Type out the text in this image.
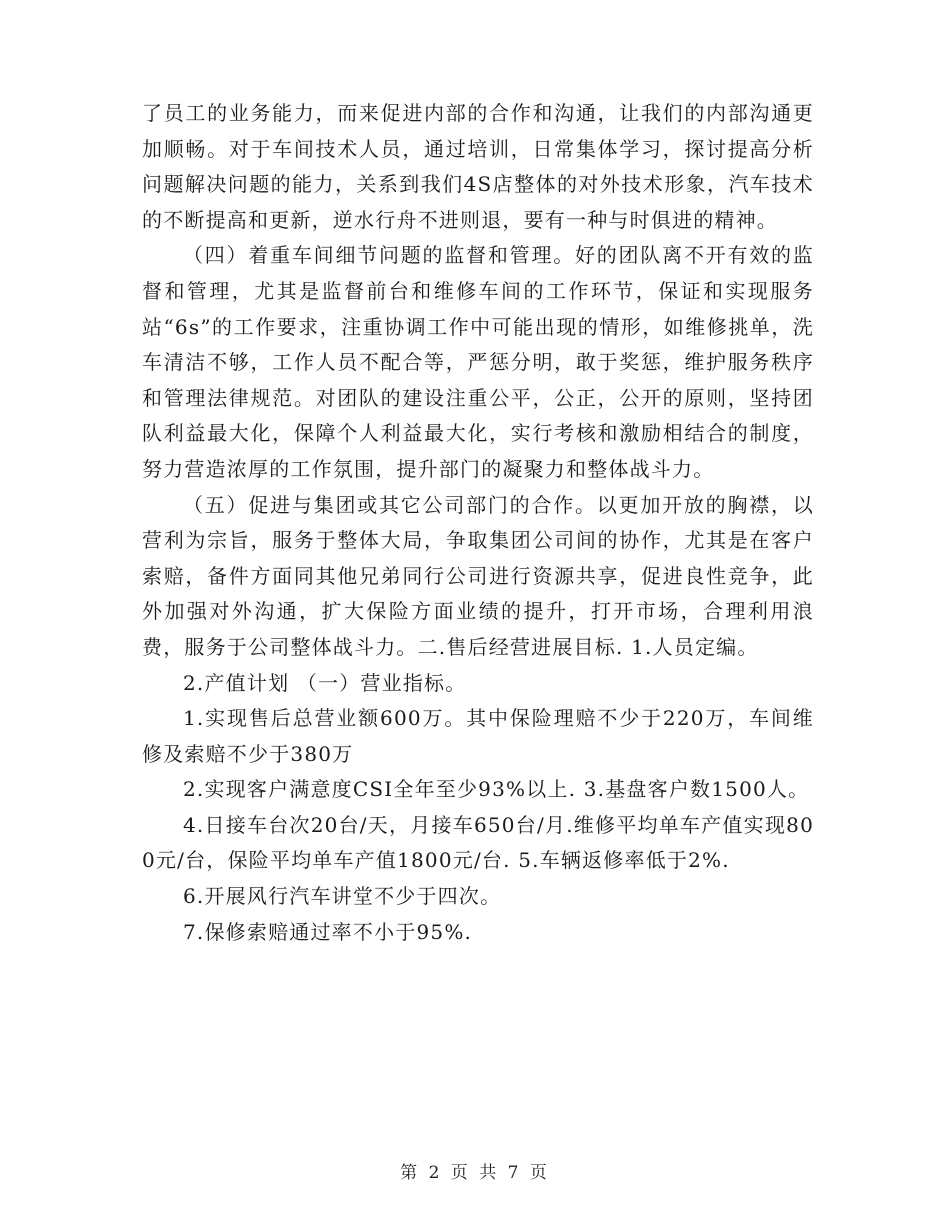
了员工的业务能力，而来促进内部的合作和沟通，让我们的内部沟通更加顺畅。对于车间技术人员，通过培训，日常集体学习，探讨提高分析问题解决问题的能力，关系到我们4S店整体的对外技术形象，汽车技术的不断提高和更新，逆水行舟不进则退，要有一种与时俱进的精神。

（四）着重车间细节问题的监督和管理。好的团队离不开有效的监督和管理，尤其是监督前台和维修车间的工作环节，保证和实现服务站“6s”的工作要求，注重协调工作中可能出现的情形，如维修挑单，洗车清洁不够，工作人员不配合等，严惩分明，敢于奖惩，维护服务秩序和管理法律规范。对团队的建设注重公平，公正，公开的原则，坚持团队利益最大化，保障个人利益最大化，实行考核和激励相结合的制度，努力营造浓厚的工作氛围，提升部门的凝聚力和整体战斗力。

（五）促进与集团或其它公司部门的合作。以更加开放的胸襟，以营利为宗旨，服务于整体大局，争取集团公司间的协作，尤其是在客户索赔，备件方面同其他兄弟同行公司进行资源共享，促进良性竞争，此外加强对外沟通，扩大保险方面业绩的提升，打开市场，合理利用浪费，服务于公司整体战斗力。二.售后经营进展目标. 1.人员定编。

2.产值计划 （一）营业指标。

1.实现售后总营业额600万。其中保险理赔不少于220万，车间维修及索赔不少于380万

2.实现客户满意度CSI全年至少93%以上. 3.基盘客户数1500人。

4.日接车台次20台/天，月接车650台/月.维修平均单车产值实现800元/台，保险平均单车产值1800元/台. 5.车辆返修率低于2%.

6.开展风行汽车讲堂不少于四次。

7.保修索赔通过率不小于95%.

第 2 页 共 7 页
